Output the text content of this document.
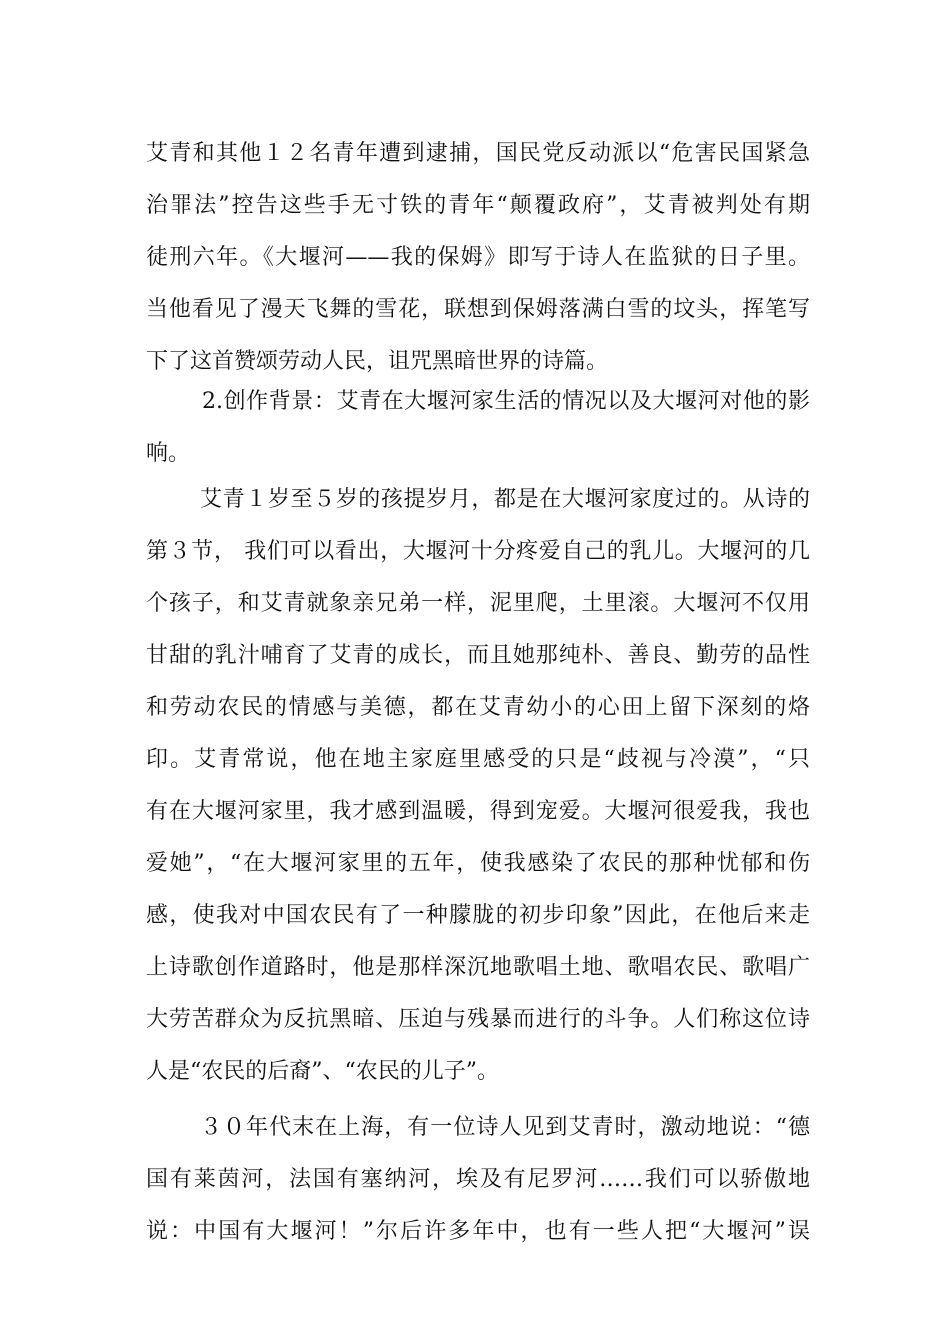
艾青和其他１２名青年遭到逮捕，国民党反动派以“危害民国紧急
治罪法”控告这些手无寸铁的青年“颠覆政府”，艾青被判处有期
徒刑六年。《大堰河——我的保姆》即写于诗人在监狱的日子里。
当他看见了漫天飞舞的雪花，联想到保姆落满白雪的坟头，挥笔写
下了这首赞颂劳动人民，诅咒黑暗世界的诗篇。
2.创作背景：艾青在大堰河家生活的情况以及大堰河对他的影
响。
艾青１岁至５岁的孩提岁月，都是在大堰河家度过的。从诗的
第３节， 我们可以看出，大堰河十分疼爱自己的乳儿。大堰河的几
个孩子，和艾青就象亲兄弟一样，泥里爬，土里滚。大堰河不仅用
甘甜的乳汁哺育了艾青的成长，而且她那纯朴、善良、勤劳的品性
和劳动农民的情感与美德，都在艾青幼小的心田上留下深刻的烙
印。艾青常说，他在地主家庭里感受的只是“歧视与冷漠”，“只
有在大堰河家里，我才感到温暖，得到宠爱。大堰河很爱我，我也
爱她”，“在大堰河家里的五年，使我感染了农民的那种忧郁和伤
感，使我对中国农民有了一种朦胧的初步印象”因此，在他后来走
上诗歌创作道路时，他是那样深沉地歌唱土地、歌唱农民、歌唱广
大劳苦群众为反抗黑暗、压迫与残暴而进行的斗争。人们称这位诗
人是“农民的后裔”、“农民的儿子”。
３０年代末在上海，有一位诗人见到艾青时，激动地说：“德
国有莱茵河，法国有塞纳河，埃及有尼罗河……我们可以骄傲地
说：中国有大堰河！”尔后许多年中，也有一些人把“大堰河”误
